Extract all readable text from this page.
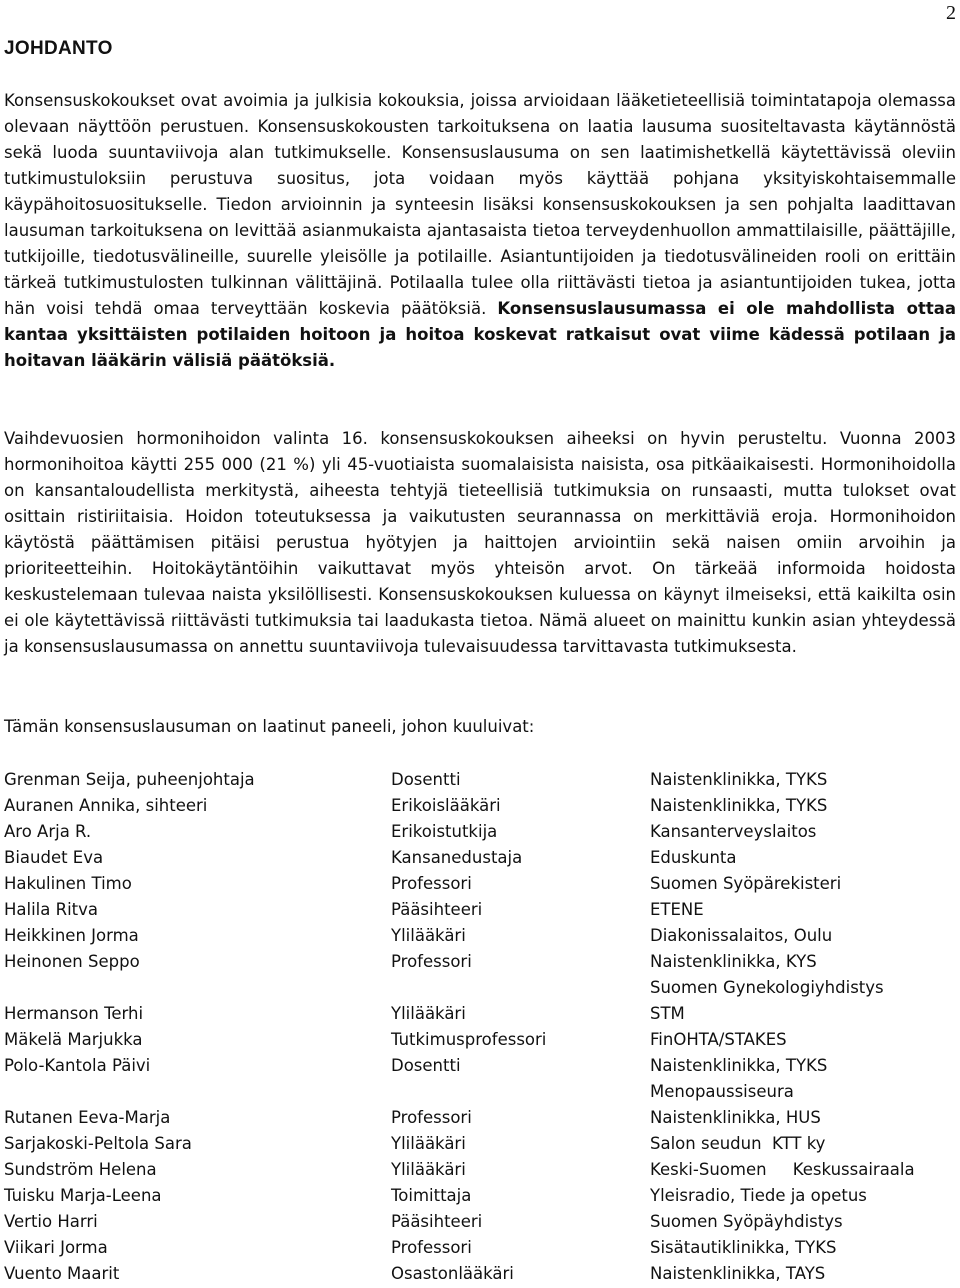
2
JOHDANTO

Konsensuskokoukset ovat avoimia ja julkisia kokouksia, joissa arvioidaan lääketieteellisiä toimintatapoja olemassa olevaan näyttöön perustuen. Konsensuskokousten tarkoituksena on laatia lausuma suositeltavasta käytännöstä sekä luoda suuntaviivoja alan tutkimukselle. Konsensuslausuma on sen laatimishetkellä käytettävissä oleviin tutkimustuloksiin perustuva suositus, jota voidaan myös käyttää pohjana yksityiskohtaisemmalle käypähoitosuositukselle. Tiedon arvioinnin ja synteesin lisäksi konsensuskokouksen ja sen pohjalta laadittavan lausuman tarkoituksena on levittää asianmukaista ajantasaista tietoa terveydenhuollon ammattilaisille, päättäjille, tutkijoille, tiedotusvälineille, suurelle yleisölle ja potilaille. Asiantuntijoiden ja tiedotusvälineiden rooli on erittäin tärkeä tutkimustulosten tulkinnan välittäjinä. Potilaalla tulee olla riittävästi tietoa ja asiantuntijoiden tukea, jotta hän voisi tehdä omaa terveyttään koskevia päätöksiä. Konsensuslausumassa ei ole mahdollista ottaa kantaa yksittäisten potilaiden hoitoon ja hoitoa koskevat ratkaisut ovat viime kädessä potilaan ja hoitavan lääkärin välisiä päätöksiä.

Vaihdevuosien hormonihoidon valinta 16. konsensuskokouksen aiheeksi on hyvin perusteltu. Vuonna 2003 hormonihoitoa käytti 255 000 (21 %) yli 45-vuotiaista suomalaisista naisista, osa pitkäaikaisesti. Hormonihoidolla on kansantaloudellista merkitystä, aiheesta tehtyjä tieteellisiä tutkimuksia on runsaasti, mutta tulokset ovat osittain ristiriitaisia. Hoidon toteutuksessa ja vaikutusten seurannassa on merkittäviä eroja. Hormonihoidon käytöstä päättämisen pitäisi perustua hyötyjen ja haittojen arviointiin sekä naisen omiin arvoihin ja prioriteetteihin. Hoitokäytäntöihin vaikuttavat myös yhteisön arvot. On tärkeää informoida hoidosta keskustelemaan tulevaa naista yksilöllisesti. Konsensuskokouksen kuluessa on käynyt ilmeiseksi, että kaikilta osin ei ole käytettävissä riittävästi tutkimuksia tai laadukasta tietoa. Nämä alueet on mainittu kunkin asian yhteydessä ja konsensuslausumassa on annettu suuntaviivoja tulevaisuudessa tarvittavasta tutkimuksesta.

Tämän konsensuslausuman on laatinut paneeli, johon kuuluivat:

Grenman Seija, puheenjohtaja	Dosentti	Naistenklinikka, TYKS
Auranen Annika, sihteeri	Erikoislääkäri	Naistenklinikka, TYKS
Aro Arja R.	Erikoistutkija	Kansanterveyslaitos
Biaudet Eva	Kansanedustaja	Eduskunta
Hakulinen Timo	Professori	Suomen Syöpärekisteri
Halila Ritva	Pääsihteeri	ETENE
Heikkinen Jorma	Ylilääkäri	Diakonissalaitos, Oulu
Heinonen Seppo	Professori	Naistenklinikka, KYS
Suomen Gynekologiyhdistys
Hermanson Terhi	Ylilääkäri	STM
Mäkelä Marjukka	Tutkimusprofessori	FinOHTA/STAKES
Polo-Kantola Päivi	Dosentti	Naistenklinikka, TYKS
Menopaussiseura
Rutanen Eeva-Marja	Professori	Naistenklinikka, HUS
Sarjakoski-Peltola Sara	Ylilääkäri	Salon seudun  KTT ky
Sundström Helena	Ylilääkäri	Keski-Suomen     Keskussairaala
Tuisku Marja-Leena	Toimittaja	Yleisradio, Tiede ja opetus
Vertio Harri	Pääsihteeri	Suomen Syöpäyhdistys
Viikari Jorma	Professori	Sisätautiklinikka, TYKS
Vuento Maarit	Osastonlääkäri	Naistenklinikka, TAYS
